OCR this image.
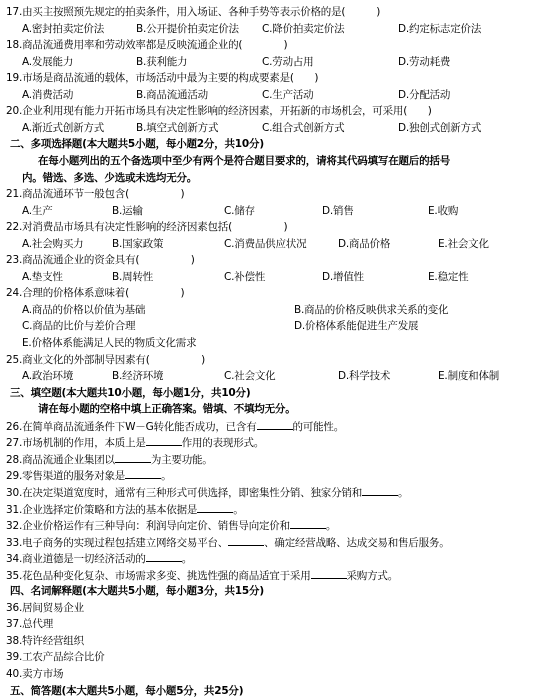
17.由买主按照预先规定的拍卖条件，用入场证、各种手势等表示价格的是(　　　)
A.密封拍卖定价法	B.公开提价拍卖定价法 C.降价拍卖定价法	D.约定标志定价法
18.商品流通费用率和劳动效率都是反映流通企业的(　　　　)
A.发展能力	B.获利能力	C.劳动占用	D.劳动耗费
19.市场是商品流通的载体，市场活动中最为主要的构成要素是(　　)
A.消费活动	B.商品流通活动	C.生产活动	D.分配活动
20.企业利用现有能力开拓市场具有决定性影响的经济因素，开拓新的市场机会，可采用(　　)
A.渐近式创新方式	B.填空式创新方式	C.组合式创新方式	D.独创式创新方式
二、多项选择题(本大题共5小题，每小题2分，共10分)
在每小题列出的五个备选项中至少有两个是符合题目要求的，请将其代码填写在题后的括号
内。错选、多选、少选或未选均无分。
21.商品流通环节一般包含(　　　　　)
A.生产	B.运输	C.储存	D.销售	E.收购
22.对消费品市场具有决定性影响的经济因素包括(　　　　　)
A.社会购买力	B.国家政策	C.消费品供应状况	D.商品价格	E.社会文化
23.商品流通企业的资金具有(　　　　　)
A.垫支性	B.周转性	C.补偿性	D.增值性	E.稳定性
24.合理的价格体系意味着(　　　　　)
A.商品的价格以价值为基础	B.商品的价格反映供求关系的变化
C.商品的比价与差价合理	D.价格体系能促进生产发展
E.价格体系能满足人民的物质文化需求
25.商业文化的外部制导因素有(　　　　　)
A.政治环境	B.经济环境	C.社会文化	D.科学技术	E.制度和体制
三、填空题(本大题共10小题，每小题1分，共10分)
请在每小题的空格中填上正确答案。错填、不填均无分。
26.在简单商品流通条件下W－G转化能否成功，已含有	的可能性。
27.市场机制的作用，本质上是	作用的表现形式。
28.商品流通企业集团以	为主要功能。
29.零售渠道的服务对象是	。
30.在决定渠道宽度时，通常有三种形式可供选择，即密集性分销、独家分销和	。
31.企业选择定价策略和方法的基本依据是	。
32.企业价格运作有三种导向：利润导向定价、销售导向定价和	。
33.电子商务的实现过程包括建立网络交易平台、	、确定经营战略、达成交易和售后服务。
34.商业道德是一切经济活动的	。
35.花色品种变化复杂、市场需求多变、挑选性强的商品适宜于采用	采购方式。
四、名词解释题(本大题共5小题，每小题3分，共15分)
36.居间贸易企业
37.总代理
38.特许经营组织
39.工农产品综合比价
40.卖方市场
五、简答题(本大题共5小题，每小题5分，共25分)
